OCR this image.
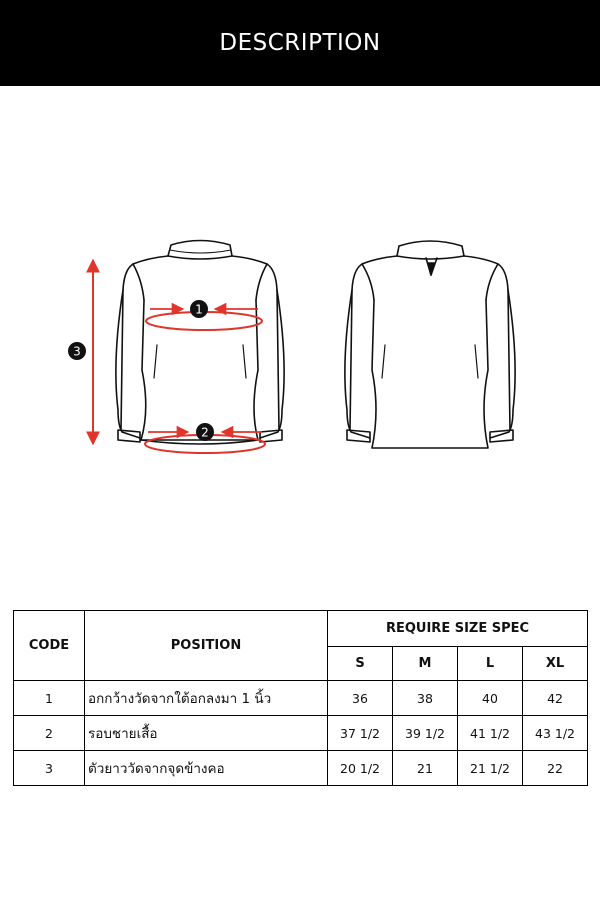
DESCRIPTION
1
2
3
CODE	POSITION	REQUIRE SIZE SPEC			
		S	M	L	XL
1	อกกว้างวัดจากใต้อกลงมา 1 นิ้ว	36	38	40	42
2	รอบชายเสื้อ	37 1/2	39 1/2	41 1/2	43 1/2
3	ตัวยาววัดจากจุดข้างคอ	20 1/2	21	21 1/2	22
